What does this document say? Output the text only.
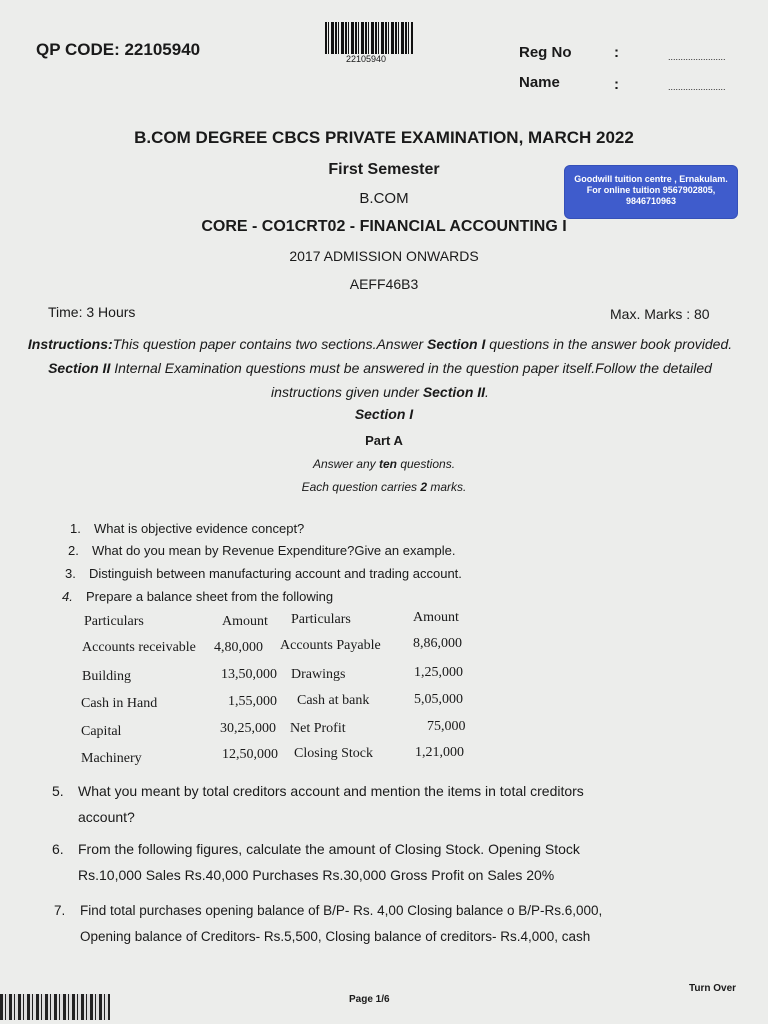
QP CODE: 22105940	22105940	Reg No	:	.......................
Name	:	.......................
B.COM DEGREE CBCS PRIVATE EXAMINATION, MARCH 2022
First Semester
B.COM
CORE - CO1CRT02 - FINANCIAL ACCOUNTING I
2017 ADMISSION ONWARDS
AEFF46B3
Goodwill tuition centre , Ernakulam.
For online tuition 9567902805,
9846710963
Time: 3 Hours	Max. Marks : 80
Instructions:This question paper contains two sections.Answer Section I questions in the answer book provided. Section II Internal Examination questions must be answered in the question paper itself.Follow the detailed instructions given under Section II.
Section I
Part A
Answer any ten questions.
Each question carries 2 marks.
1. What is objective evidence concept?
2. What do you mean by Revenue Expenditure?Give an example.
3. Distinguish between manufacturing account and trading account.
4. Prepare a balance sheet from the following
Particulars	Amount	Particulars	Amount
Accounts receivable 4,80,000 Accounts Payable 8,86,000
Building	13,50,000 Drawings	1,25,000
Cash in Hand	1,55,000 Cash at bank	5,05,000
Capital	30,25,000 Net Profit	75,000
Machinery	12,50,000 Closing Stock	1,21,000
5. What you meant by total creditors account and mention the items in total creditors
account?
6. From the following figures, calculate the amount of Closing Stock. Opening Stock
Rs.10,000 Sales Rs.40,000 Purchases Rs.30,000 Gross Profit on Sales 20%
7. Find total purchases opening balance of B/P- Rs. 4,00 Closing balance o B/P-Rs.6,000,
Opening balance of Creditors- Rs.5,500, Closing balance of creditors- Rs.4,000, cash
Page 1/6
Turn Over
